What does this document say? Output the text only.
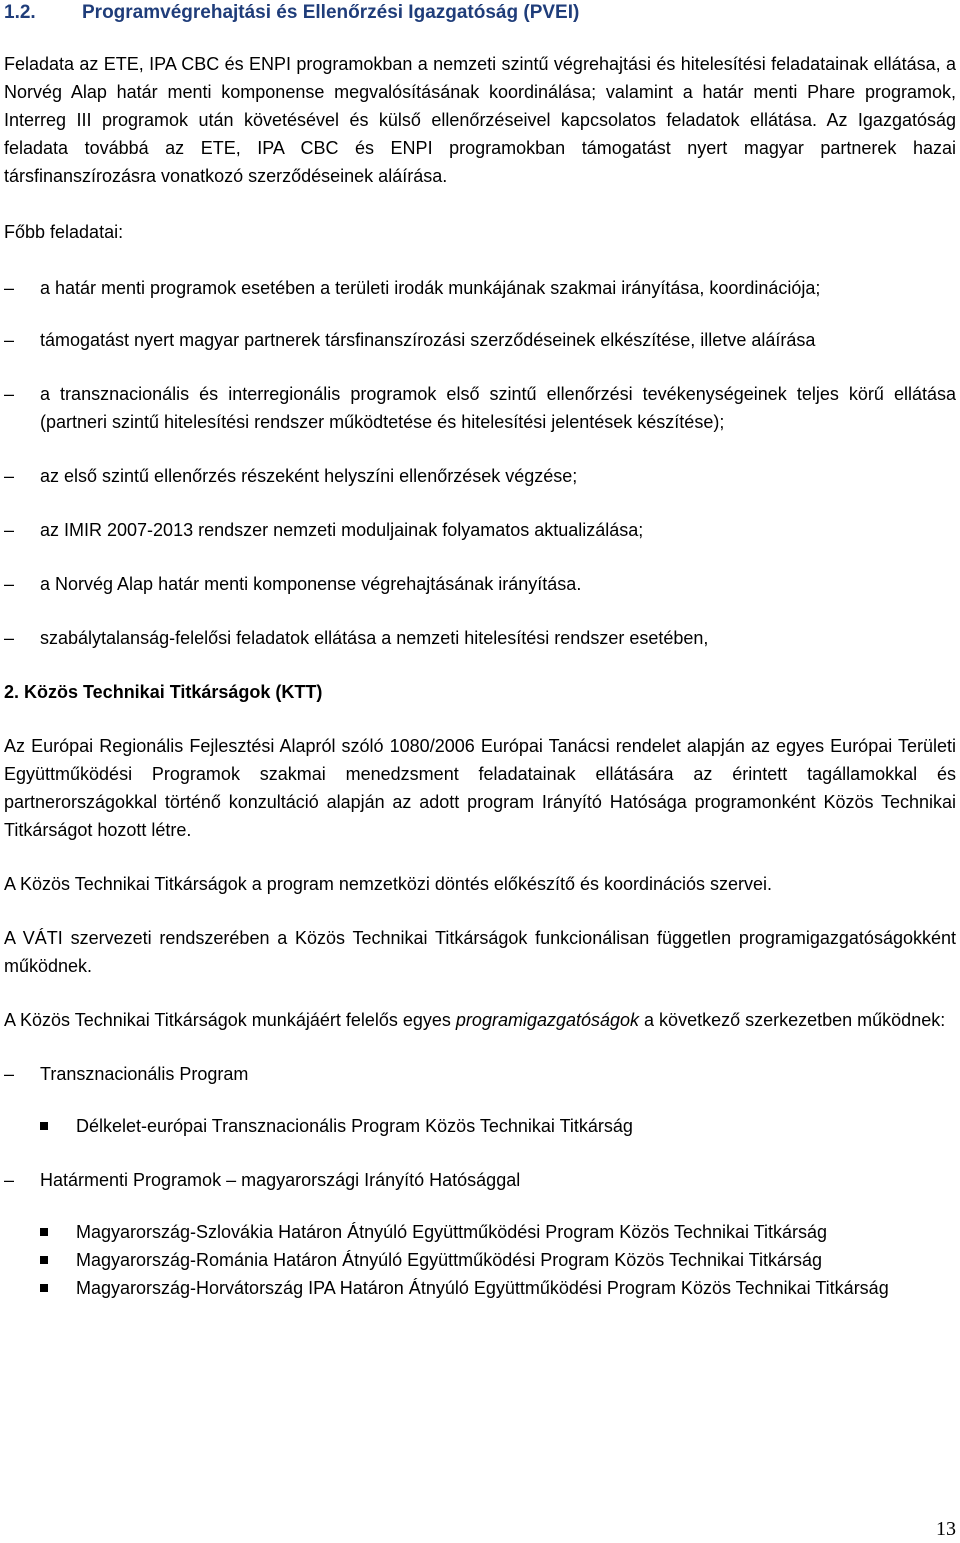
1.2. Programvégrehajtási és Ellenőrzési Igazgatóság (PVEI)

Feladata az ETE, IPA CBC és ENPI programokban a nemzeti szintű végrehajtási és hitelesítési feladatainak ellátása, a Norvég Alap határ menti komponense megvalósításának koordinálása; valamint a határ menti Phare programok, Interreg III programok után követésével és külső ellenőrzéseivel kapcsolatos feladatok ellátása. Az Igazgatóság feladata továbbá az ETE, IPA CBC és ENPI programokban támogatást nyert magyar partnerek hazai társfinanszírozásra vonatkozó szerződéseinek aláírása.

Főbb feladatai:

–	a határ menti programok esetében a területi irodák munkájának szakmai irányítása, koordinációja;
–	támogatást nyert magyar partnerek társfinanszírozási szerződéseinek elkészítése, illetve aláírása
–	a transznacionális és interregionális programok első szintű ellenőrzési tevékenységeinek teljes körű ellátása (partneri szintű hitelesítési rendszer működtetése és hitelesítési jelentések készítése);
–	az első szintű ellenőrzés részeként helyszíni ellenőrzések végzése;
–	az IMIR 2007-2013 rendszer nemzeti moduljainak folyamatos aktualizálása;
–	a Norvég Alap határ menti komponense végrehajtásának irányítása.
–	szabálytalanság-felelősi feladatok ellátása a nemzeti hitelesítési rendszer esetében,
2. Közös Technikai Titkárságok (KTT)

Az Európai Regionális Fejlesztési Alapról szóló 1080/2006 Európai Tanácsi rendelet alapján az egyes Európai Területi Együttműködési Programok szakmai menedzsment feladatainak ellátására az érintett tagállamokkal és partnerországokkal történő konzultáció alapján az adott program Irányító Hatósága programonként Közös Technikai Titkárságot hozott létre.

A Közös Technikai Titkárságok a program nemzetközi döntés előkészítő és koordinációs szervei.

A VÁTI szervezeti rendszerében a Közös Technikai Titkárságok funkcionálisan független programigazgatóságokként működnek.

A Közös Technikai Titkárságok munkájáért felelős egyes programigazgatóságok a következő szerkezetben működnek:

–	Transznacionális Program
Délkelet-európai Transznacionális Program Közös Technikai Titkárság
–	Határmenti Programok – magyarországi Irányító Hatósággal
Magyarország-Szlovákia Határon Átnyúló Együttműködési Program Közös Technikai Titkárság
Magyarország-Románia Határon Átnyúló Együttműködési Program Közös Technikai Titkárság
Magyarország-Horvátország IPA Határon Átnyúló Együttműködési Program Közös Technikai Titkárság
13
